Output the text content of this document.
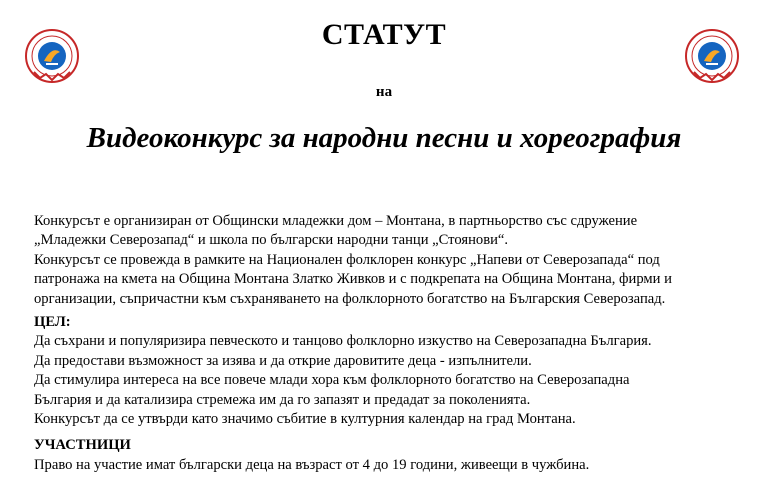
СТАТУТ
на
Видеоконкурс за народни песни и хореография

Конкурсът е организиран от Общински младежки дом – Монтана, в партньорство със сдружение

„Младежки Северозапад“ и школа по български народни танци „Стоянови“.

Конкурсът се провежда в рамките на Национален фолклорен конкурс „Напеви от Северозапада“ под

патронажа на кмета на Община Монтана Златко Живков и с подкрепата на Община Монтана, фирми и

организации, съпричастни към съхраняването на фолклорното богатство на Българския Северозапад.

ЦЕЛ:

Да съхрани и популяризира певческото и танцово фолклорно изкуство на Северозападна България.

Да предостави възможност за изява и да открие даровитите деца - изпълнители.

Да стимулира интереса на все повече млади хора към фолклорното богатство на Северозападна

България и да катализира стремежа им да го запазят и предадат за поколенията.

Конкурсът да се утвърди като значимо събитие в културния календар на град Монтана.

УЧАСТНИЦИ

Право на участие имат български деца на възраст от 4 до 19 години, живеещи в чужбина.
